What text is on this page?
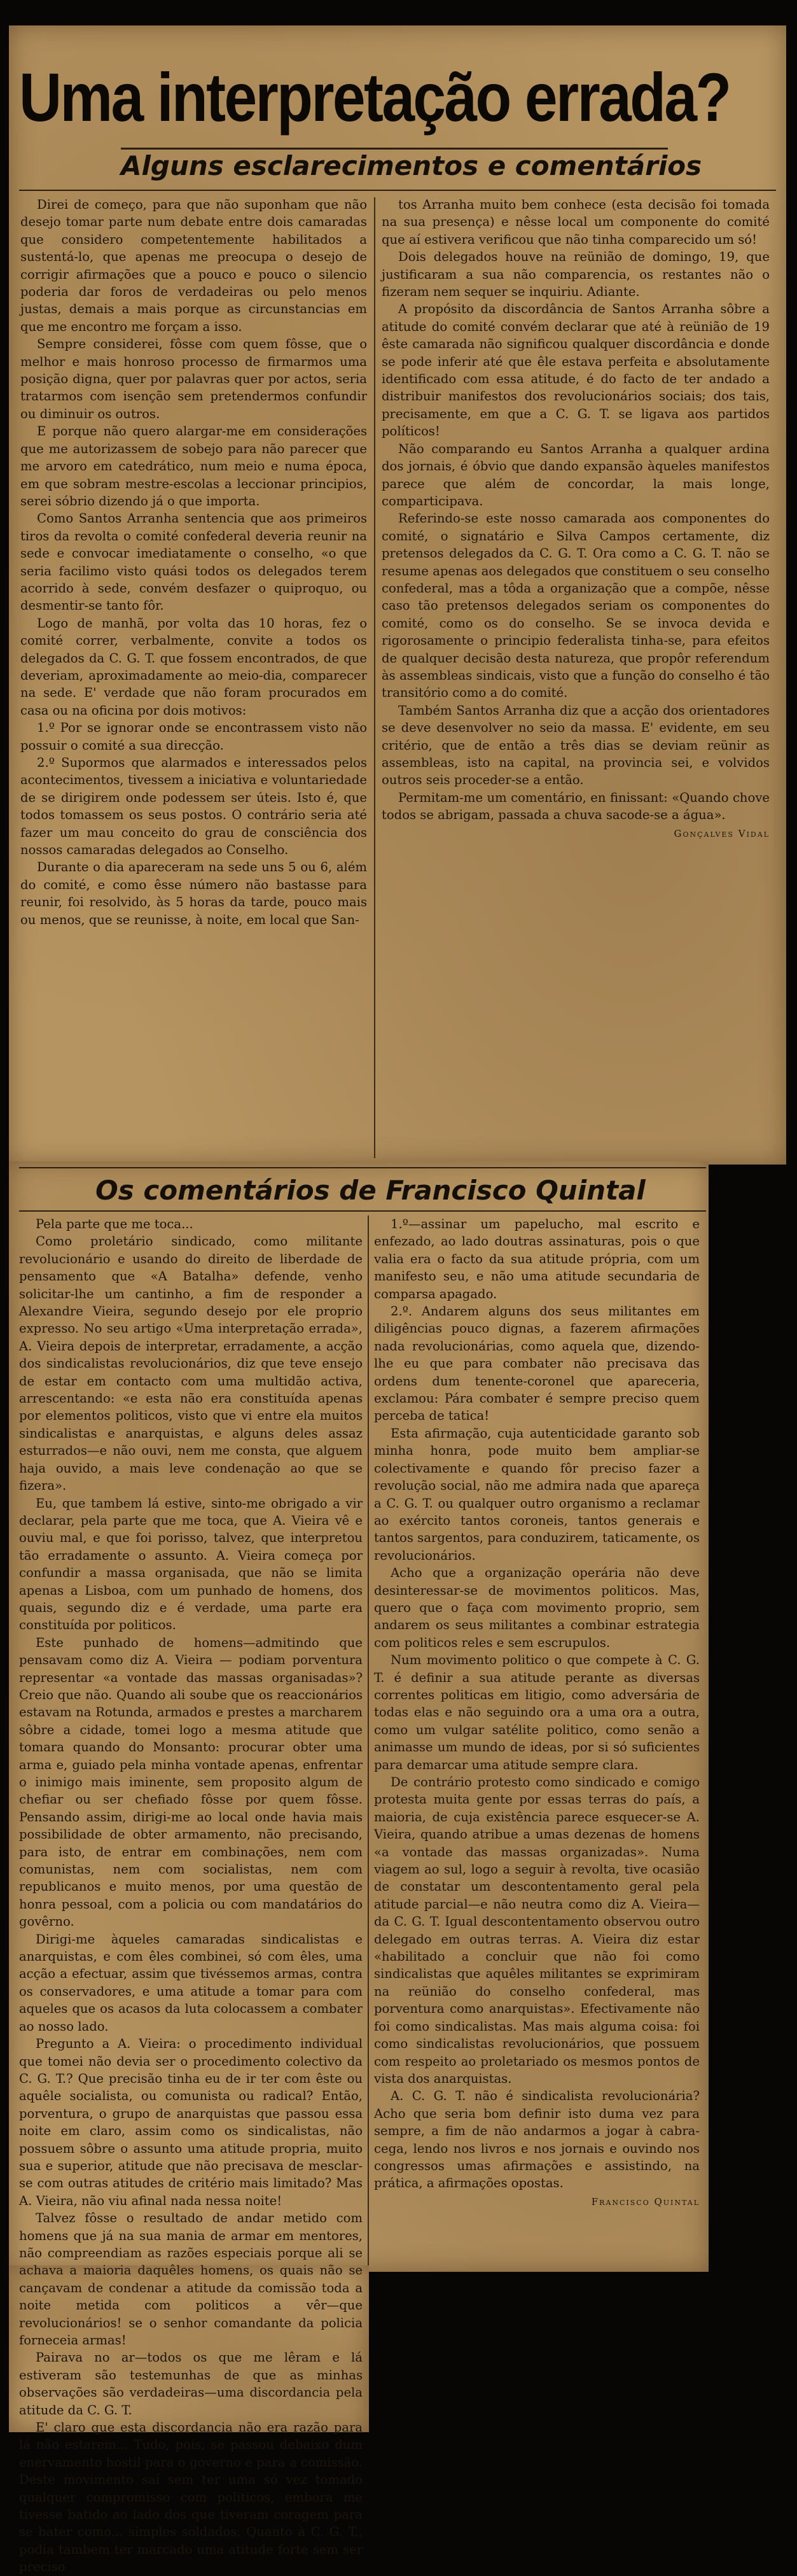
Uma interpretação errada?
Alguns esclarecimentos e comentários

Direi de começo, para que não suponham que não desejo tomar parte num debate entre dois camaradas que considero competentemente habilitados a sustentá-lo, que apenas me preocupa o desejo de corrigir afirmações que a pouco e pouco o silencio poderia dar foros de verdadeiras ou pelo menos justas, demais a mais porque as circunstancias em que me encontro me forçam a isso.

Sempre considerei, fôsse com quem fôsse, que o melhor e mais honroso processo de firmarmos uma posição digna, quer por palavras quer por actos, seria tratarmos com isenção sem pretendermos confundir ou diminuir os outros.

E porque não quero alargar-me em considerações que me autorizassem de sobejo para não parecer que me arvoro em catedrático, num meio e numa época, em que sobram mestre-escolas a leccionar principios, serei sóbrio dizendo já o que importa.

Como Santos Arranha sentencia que aos primeiros tiros da revolta o comité confederal deveria reunir na sede e convocar imediatamente o conselho, «o que seria facilimo visto quási todos os delegados terem acorrido à sede, convém desfazer o quiproquo, ou desmentir-se tanto fôr.

Logo de manhã, por volta das 10 horas, fez o comité correr, verbalmente, convite a todos os delegados da C. G. T. que fossem encontrados, de que deveriam, aproximadamente ao meio-dia, comparecer na sede. E' verdade que não foram procurados em casa ou na oficina por dois motivos:

1.º Por se ignorar onde se encontrassem visto não possuir o comité a sua direcção.

2.º Supormos que alarmados e interessados pelos acontecimentos, tivessem a iniciativa e voluntariedade de se dirigirem onde podessem ser úteis. Isto é, que todos tomassem os seus postos. O contrário seria até fazer um mau conceito do grau de consciência dos nossos camaradas delegados ao Conselho.

Durante o dia apareceram na sede uns 5 ou 6, além do comité, e como êsse número não bastasse para reunir, foi resolvido, às 5 horas da tarde, pouco mais ou menos, que se reunisse, à noite, em local que San-

tos Arranha muito bem conhece (esta decisão foi tomada na sua presença) e nêsse local um componente do comité que aí estivera verificou que não tinha comparecido um só!

Dois delegados houve na reünião de domingo, 19, que justificaram a sua não comparencia, os restantes não o fizeram nem sequer se inquiriu. Adiante.

A propósito da discordância de Santos Arranha sôbre a atitude do comité convém declarar que até à reünião de 19 êste camarada não significou qualquer discordância e donde se pode inferir até que êle estava perfeita e absolutamente identificado com essa atitude, é do facto de ter andado a distribuir manifestos dos revolucionários sociais; dos tais, precisamente, em que a C. G. T. se ligava aos partidos políticos!

Não comparando eu Santos Arranha a qualquer ardina dos jornais, é óbvio que dando expansão àqueles manifestos parece que além de concordar, la mais longe, comparticipava.

Referindo-se este nosso camarada aos componentes do comité, o signatário e Silva Campos certamente, diz pretensos delegados da C. G. T. Ora como a C. G. T. não se resume apenas aos delegados que constituem o seu conselho confederal, mas a tôda a organização que a compõe, nêsse caso tão pretensos delegados seriam os componentes do comité, como os do conselho. Se se invoca devida e rigorosamente o principio federalista tinha-se, para efeitos de qualquer decisão desta natureza, que propôr referendum às assembleas sindicais, visto que a função do conselho é tão transitório como a do comité.

Também Santos Arranha diz que a acção dos orientadores se deve desenvolver no seio da massa. E' evidente, em seu critério, que de então a três dias se deviam reünir as assembleas, isto na capital, na provincia sei, e volvidos outros seis proceder-se a então.

Permitam-me um comentário, en finissant: «Quando chove todos se abrigam, passada a chuva sacode-se a água».

Gonçalves Vidal

Os comentários de Francisco Quintal

Pela parte que me toca...

Como proletário sindicado, como militante revolucionário e usando do direito de liberdade de pensamento que «A Batalha» defende, venho solicitar-lhe um cantinho, a fim de responder a Alexandre Vieira, segundo desejo por ele proprio expresso. No seu artigo «Uma interpretação errada», A. Vieira depois de interpretar, erradamente, a acção dos sindicalistas revolucionários, diz que teve ensejo de estar em contacto com uma multidão activa, arrescentando: «e esta não era constituída apenas por elementos politicos, visto que vi entre ela muitos sindicalistas e anarquistas, e alguns deles assaz esturrados—e não ouvi, nem me consta, que alguem haja ouvido, a mais leve condenação ao que se fizera».

Eu, que tambem lá estive, sinto-me obrigado a vir declarar, pela parte que me toca, que A. Vieira vê e ouviu mal, e que foi porisso, talvez, que interpretou tão erradamente o assunto. A. Vieira começa por confundir a massa organisada, que não se limita apenas a Lisboa, com um punhado de homens, dos quais, segundo diz e é verdade, uma parte era constituída por politicos.

Este punhado de homens—admitindo que pensavam como diz A. Vieira — podiam porventura representar «a vontade das massas organisadas»? Creio que não. Quando ali soube que os reaccionários estavam na Rotunda, armados e prestes a marcharem sôbre a cidade, tomei logo a mesma atitude que tomara quando do Monsanto: procurar obter uma arma e, guiado pela minha vontade apenas, enfrentar o inimigo mais iminente, sem proposito algum de chefiar ou ser chefiado fôsse por quem fôsse. Pensando assim, dirigi-me ao local onde havia mais possibilidade de obter armamento, não precisando, para isto, de entrar em combinações, nem com comunistas, nem com socialistas, nem com republicanos e muito menos, por uma questão de honra pessoal, com a policia ou com mandatários do govêrno.

Dirigi-me àqueles camaradas sindicalistas e anarquistas, e com êles combinei, só com êles, uma acção a efectuar, assim que tivéssemos armas, contra os conservadores, e uma atitude a tomar para com aqueles que os acasos da luta colocassem a combater ao nosso lado.

Pregunto a A. Vieira: o procedimento individual que tomei não devia ser o procedimento colectivo da C. G. T.? Que precisão tinha eu de ir ter com êste ou aquêle socialista, ou comunista ou radical? Então, porventura, o grupo de anarquistas que passou essa noite em claro, assim como os sindicalistas, não possuem sôbre o assunto uma atitude propria, muito sua e superior, atitude que não precisava de mesclar-se com outras atitudes de critério mais limitado? Mas A. Vieira, não viu afinal nada nessa noite!

Talvez fôsse o resultado de andar metido com homens que já na sua mania de armar em mentores, não compreendiam as razões especiais porque ali se achava a maioria daquêles homens, os quais não se cançavam de condenar a atitude da comissão toda a noite metida com politicos a vêr—que revolucionários! se o senhor comandante da policia forneceia armas!

Pairava no ar—todos os que me lêram e lá estiveram são testemunhas de que as minhas observações são verdadeiras—uma discordancia pela atitude da C. G. T.

E' claro que esta discordancia não era razão para lá não estarem... Tudo, pois, se passou debaixo dum enervamento hostil para o governo e para a comissão. Deste movimento saí sem ter uma só vez tomado qualquer compromisso com politicos, embora me tivesse batido ao lado dos que tiveram coragem para se bater como... simples soldados. Quanto à C. G. T., podia tambem ter marcado uma atitude forte sem ser preciso

1.º—assinar um papelucho, mal escrito e enfezado, ao lado doutras assinaturas, pois o que valia era o facto da sua atitude própria, com um manifesto seu, e não uma atitude secundaria de comparsa apagado.

2.º. Andarem alguns dos seus militantes em diligências pouco dignas, a fazerem afirmações nada revolucionárias, como aquela que, dizendo-lhe eu que para combater não precisava das ordens dum tenente-coronel que apareceria, exclamou: Pára combater é sempre preciso quem perceba de tatica!

Esta afirmação, cuja autenticidade garanto sob minha honra, pode muito bem ampliar-se colectivamente e quando fôr preciso fazer a revolução social, não me admira nada que apareça a C. G. T. ou qualquer outro organismo a reclamar ao exército tantos coroneis, tantos generais e tantos sargentos, para conduzirem, taticamente, os revolucionários.

Acho que a organização operária não deve desinteressar-se de movimentos politicos. Mas, quero que o faça com movimento proprio, sem andarem os seus militantes a combinar estrategia com politicos reles e sem escrupulos.

Num movimento politico o que compete à C. G. T. é definir a sua atitude perante as diversas correntes politicas em litigio, como adversária de todas elas e não seguindo ora a uma ora a outra, como um vulgar satélite politico, como senão a animasse um mundo de ideas, por si só suficientes para demarcar uma atitude sempre clara.

De contrário protesto como sindicado e comigo protesta muita gente por essas terras do país, a maioria, de cuja existência parece esquecer-se A. Vieira, quando atribue a umas dezenas de homens «a vontade das massas organizadas». Numa viagem ao sul, logo a seguir à revolta, tive ocasião de constatar um descontentamento geral pela atitude parcial—e não neutra como diz A. Vieira—da C. G. T. Igual descontentamento observou outro delegado em outras terras. A. Vieira diz estar «habilitado a concluir que não foi como sindicalistas que aquêles militantes se exprimiram na reünião do conselho confederal, mas porventura como anarquistas». Efectivamente não foi como sindicalistas. Mas mais alguma coisa: foi como sindicalistas revolucionários, que possuem com respeito ao proletariado os mesmos pontos de vista dos anarquistas.

A. C. G. T. não é sindicalista revolucionária? Acho que seria bom definir isto duma vez para sempre, a fim de não andarmos a jogar à cabra-cega, lendo nos livros e nos jornais e ouvindo nos congressos umas afirmações e assistindo, na prática, a afirmações opostas.

Francisco Quintal
